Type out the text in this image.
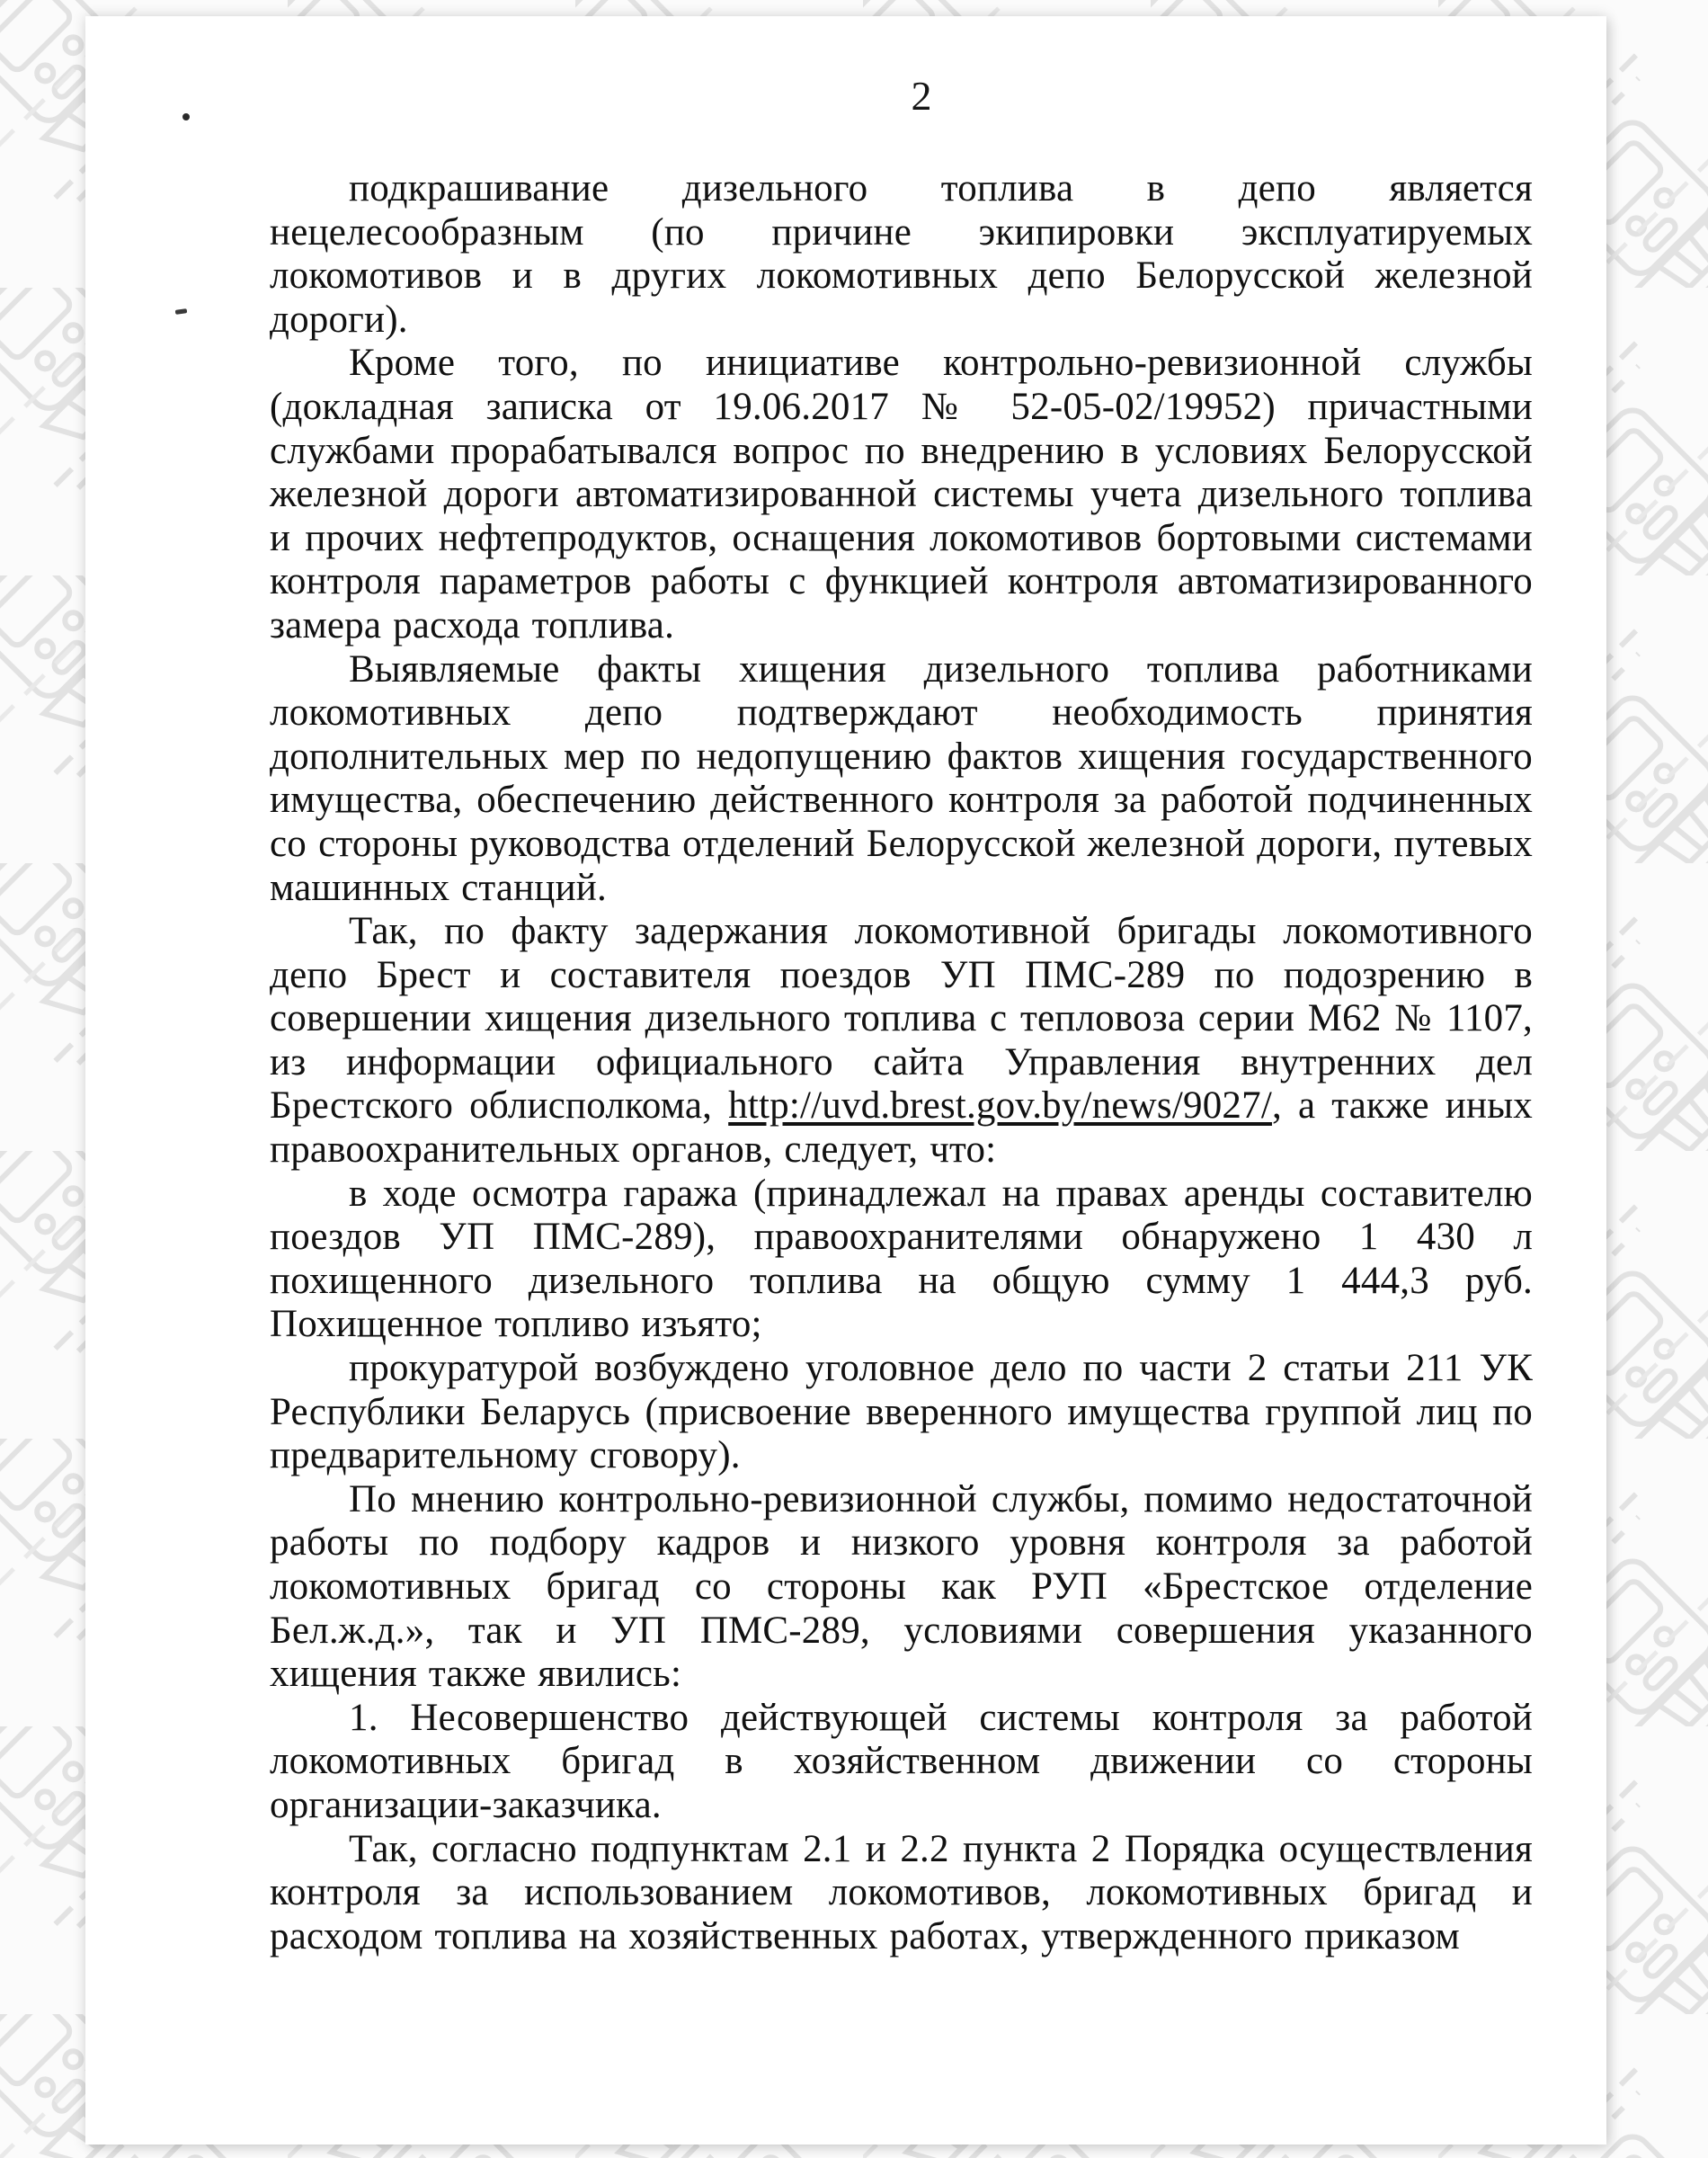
2

подкрашивание дизельного топлива в депо является нецелесообразным (по причине экипировки эксплуатируемых локомотивов и в других локомотивных депо Белорусской железной дороги).

Кроме того, по инициативе контрольно-ревизионной службы (докладная записка от 19.06.2017 № 52-05-02/19952) причастными службами прорабатывался вопрос по внедрению в условиях Белорусской железной дороги автоматизированной системы учета дизельного топлива и прочих нефтепродуктов, оснащения локомотивов бортовыми системами контроля параметров работы с функцией контроля автоматизированного замера расхода топлива.

Выявляемые факты хищения дизельного топлива работниками локомотивных депо подтверждают необходимость принятия дополнительных мер по недопущению фактов хищения государственного имущества, обеспечению действенного контроля за работой подчиненных со стороны руководства отделений Белорусской железной дороги, путевых машинных станций.

Так, по факту задержания локомотивной бригады локомотивного депо Брест и составителя поездов УП ПМС-289 по подозрению в совершении хищения дизельного топлива с тепловоза серии М62 № 1107, из информации официального сайта Управления внутренних дел Брестского облисполкома, http://uvd.brest.gov.by/news/9027/, а также иных правоохранительных органов, следует, что:

в ходе осмотра гаража (принадлежал на правах аренды составителю поездов УП ПМС-289), правоохранителями обнаружено 1 430 л похищенного дизельного топлива на общую сумму 1 444,3 руб. Похищенное топливо изъято;

прокуратурой возбуждено уголовное дело по части 2 статьи 211 УК Республики Беларусь (присвоение вверенного имущества группой лиц по предварительному сговору).

По мнению контрольно-ревизионной службы, помимо недостаточной работы по подбору кадров и низкого уровня контроля за работой локомотивных бригад со стороны как РУП «Брестское отделение Бел.ж.д.», так и УП ПМС-289, условиями совершения указанного хищения также явились:

1. Несовершенство действующей системы контроля за работой локомотивных бригад в хозяйственном движении со стороны организации-заказчика.

Так, согласно подпунктам 2.1 и 2.2 пункта 2 Порядка осуществления контроля за использованием локомотивов, локомотивных бригад и расходом топлива на хозяйственных работах, утвержденного приказом
